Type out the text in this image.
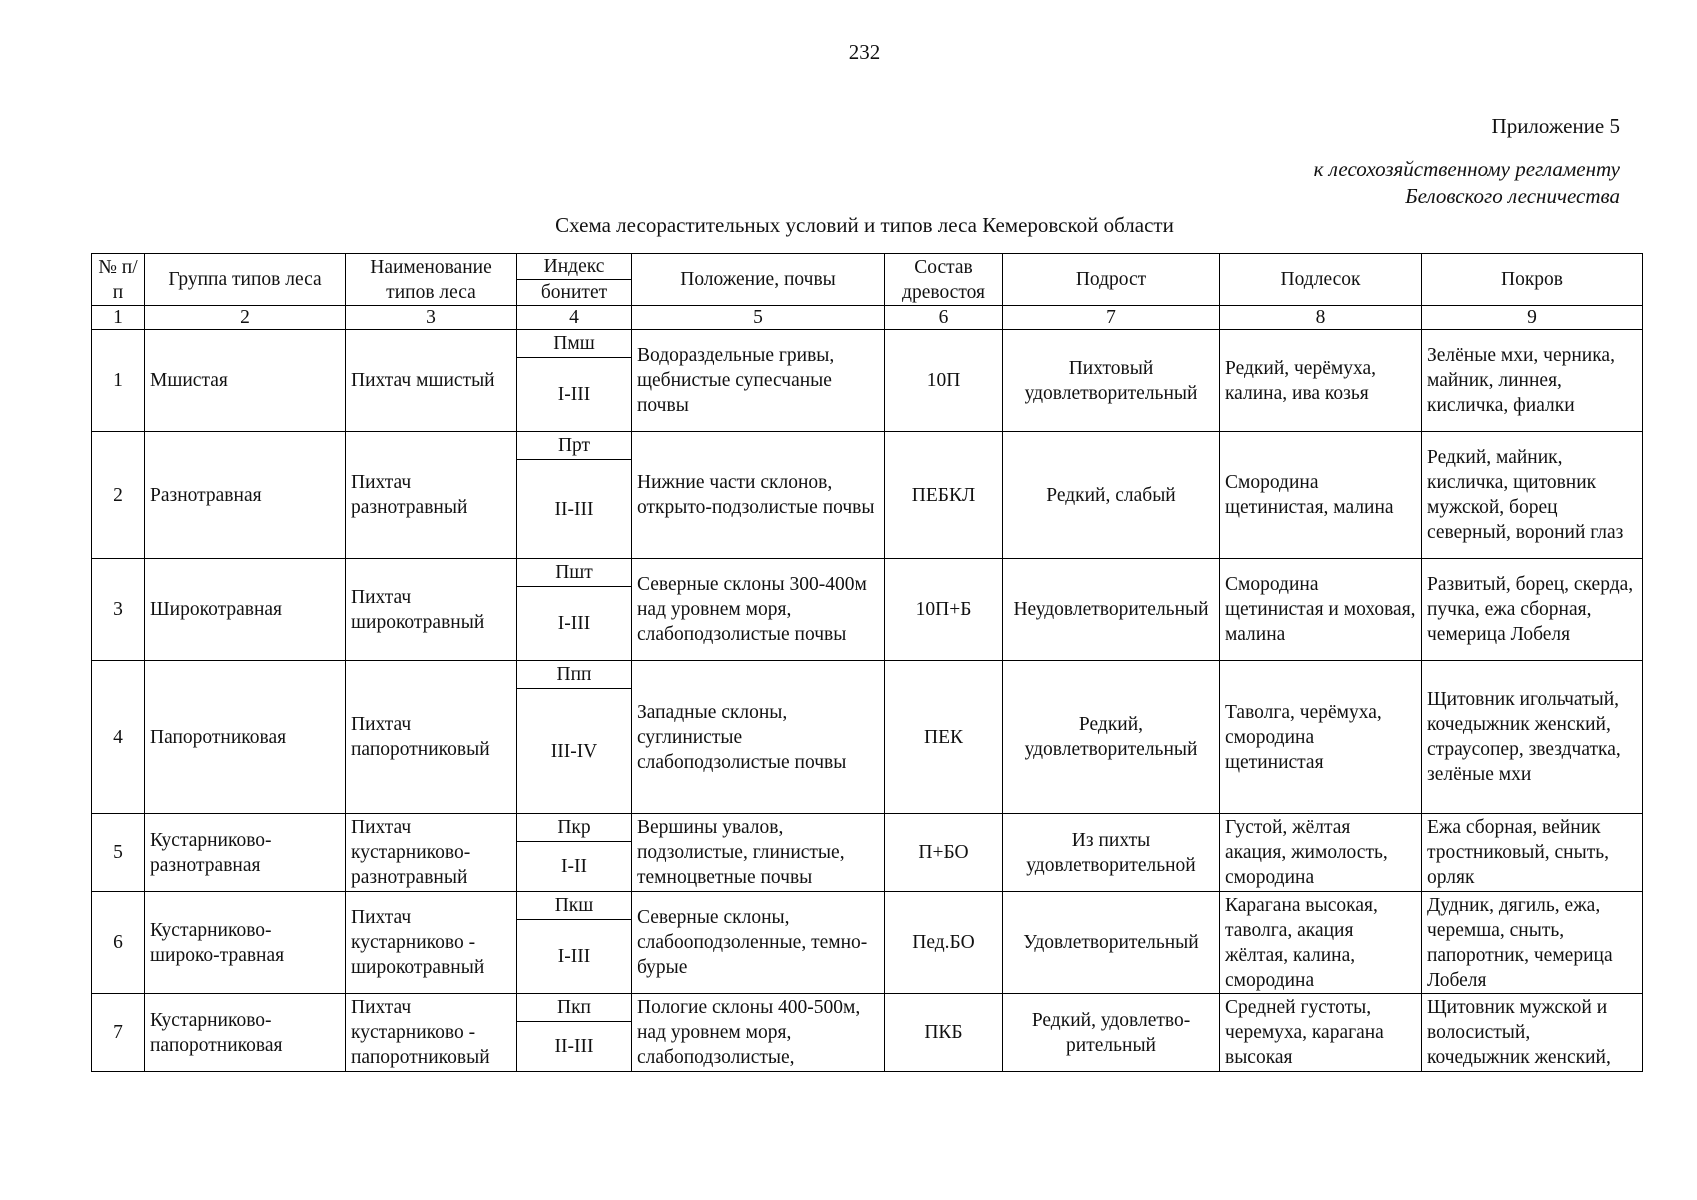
232
Приложение 5
к лесохозяйственному регламенту
Беловского лесничества
Схема лесорастительных условий и типов леса Кемеровской области
№ п/п	Группа типов леса	Наименование типов леса	Индекс	Положение, почвы	Состав древостоя	Подрост	Подлесок	Покров
			бонитет					
1	2	3	4	5	6	7	8	9
1	Мшистая	Пихтач мшистый	Пмш	Водораздельные гривы, щебнистые супесчаные почвы	10П	Пихтовый удовлетворительный	Редкий, черёмуха, калина, ива козья	Зелёные мхи, черника, майник, линнея, кисличка, фиалки
			I-III					
2	Разнотравная	Пихтач разнотравный	Прт	Нижние части склонов, открыто-подзолистые почвы	ПЕБКЛ	Редкий, слабый	Смородина щетинистая, малина	Редкий, майник, кисличка, щитовник мужской, борец северный, вороний глаз
			II-III					
3	Широкотравная	Пихтач широкотравный	Пшт	Северные склоны 300-400м над уровнем моря, слабоподзолистые почвы	10П+Б	Неудовлетворительный	Смородина щетинистая и моховая, малина	Развитый, борец, скерда, пучка, ежа сборная, чемерица Лобеля
			I-III					
4	Папоротниковая	Пихтач папоротниковый	Ппп	Западные склоны, суглинистые слабоподзолистые почвы	ПЕК	Редкий, удовлетворительный	Таволга, черёмуха, смородина щетинистая	Щитовник игольчатый, кочедыжник женский, страусопер, звездчатка, зелёные мхи
			III-IV					
5	Кустарниково-разнотравная	Пихтач кустарниково-разнотравный	Пкр	Вершины увалов, подзолистые, глинистые, темноцветные почвы	П+БО	Из пихты удовлетворительной	Густой, жёлтая акация, жимолость, смородина	Ежа сборная, вейник тростниковый, сныть, орляк
			I-II					
6	Кустарниково-широко-травная	Пихтач кустарниково - широкотравный	Пкш	Северные склоны, слабооподзоленные, темно-бурые	Пед.БО	Удовлетворительный	Карагана высокая, таволга, акация жёлтая, калина, смородина	Дудник, дягиль, ежа, черемша, сныть, папоротник, чемерица Лобеля
			I-III					
7	Кустарниково-папоротниковая	Пихтач кустарниково - папоротниковый	Пкп	Пологие склоны 400-500м, над уровнем моря, слабоподзолистые,	ПКБ	Редкий, удовлетво-рительный	Средней густоты, черемуха, карагана высокая	Щитовник мужской и волосистый, кочедыжник женский,
			II-III					
